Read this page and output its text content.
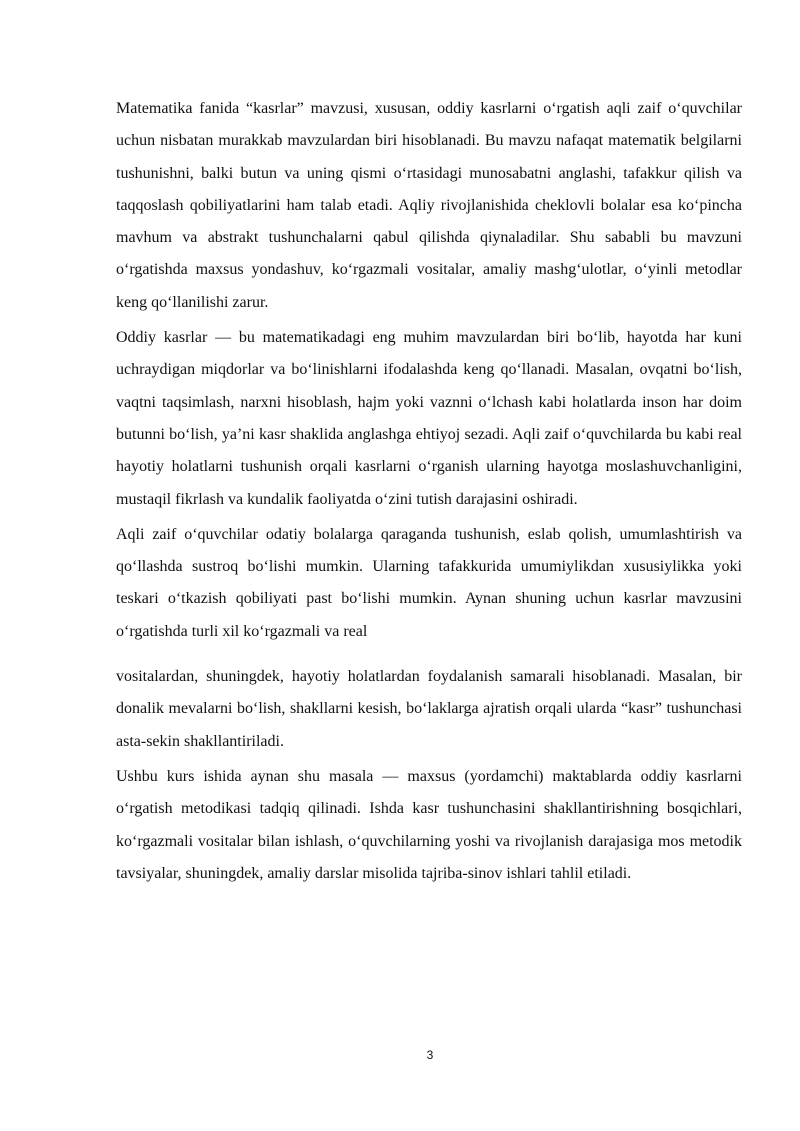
Matematika fanida “kasrlar” mavzusi, xususan, oddiy kasrlarni o‘rgatish aqli zaif o‘quvchilar uchun nisbatan murakkab mavzulardan biri hisoblanadi. Bu mavzu nafaqat matematik belgilarni tushunishni, balki butun va uning qismi o‘rtasidagi munosabatni anglashi, tafakkur qilish va taqqoslash qobiliyatlarini ham talab etadi. Aqliy rivojlanishida cheklovli bolalar esa ko‘pincha mavhum va abstrakt tushunchalarni qabul qilishda qiynaladilar. Shu sababli bu mavzuni o‘rgatishda maxsus yondashuv, ko‘rgazmali vositalar, amaliy mashg‘ulotlar, o‘yinli metodlar keng qo‘llanilishi zarur.

Oddiy kasrlar — bu matematikadagi eng muhim mavzulardan biri bo‘lib, hayotda har kuni uchraydigan miqdorlar va bo‘linishlarni ifodalashda keng qo‘llanadi. Masalan, ovqatni bo‘lish, vaqtni taqsimlash, narxni hisoblash, hajm yoki vaznni o‘lchash kabi holatlarda inson har doim butunni bo‘lish, ya’ni kasr shaklida anglashga ehtiyoj sezadi. Aqli zaif o‘quvchilarda bu kabi real hayotiy holatlarni tushunish orqali kasrlarni o‘rganish ularning hayotga moslashuvchanligini, mustaqil fikrlash va kundalik faoliyatda o‘zini tutish darajasini oshiradi.

Aqli zaif o‘quvchilar odatiy bolalarga qaraganda tushunish, eslab qolish, umumlashtirish va qo‘llashda sustroq bo‘lishi mumkin. Ularning tafakkurida umumiylikdan xususiylikka yoki teskari o‘tkazish qobiliyati past bo‘lishi mumkin. Aynan shuning uchun kasrlar mavzusini o‘rgatishda turli xil ko‘rgazmali va real

vositalardan, shuningdek, hayotiy holatlardan foydalanish samarali hisoblanadi. Masalan, bir donalik mevalarni bo‘lish, shakllarni kesish, bo‘laklarga ajratish orqali ularda “kasr” tushunchasi asta-sekin shakllantiriladi.

Ushbu kurs ishida aynan shu masala — maxsus (yordamchi) maktablarda oddiy kasrlarni o‘rgatish metodikasi tadqiq qilinadi. Ishda kasr tushunchasini shakllantirishning bosqichlari, ko‘rgazmali vositalar bilan ishlash, o‘quvchilarning yoshi va rivojlanish darajasiga mos metodik tavsiyalar, shuningdek, amaliy darslar misolida tajriba-sinov ishlari tahlil etiladi.

3
